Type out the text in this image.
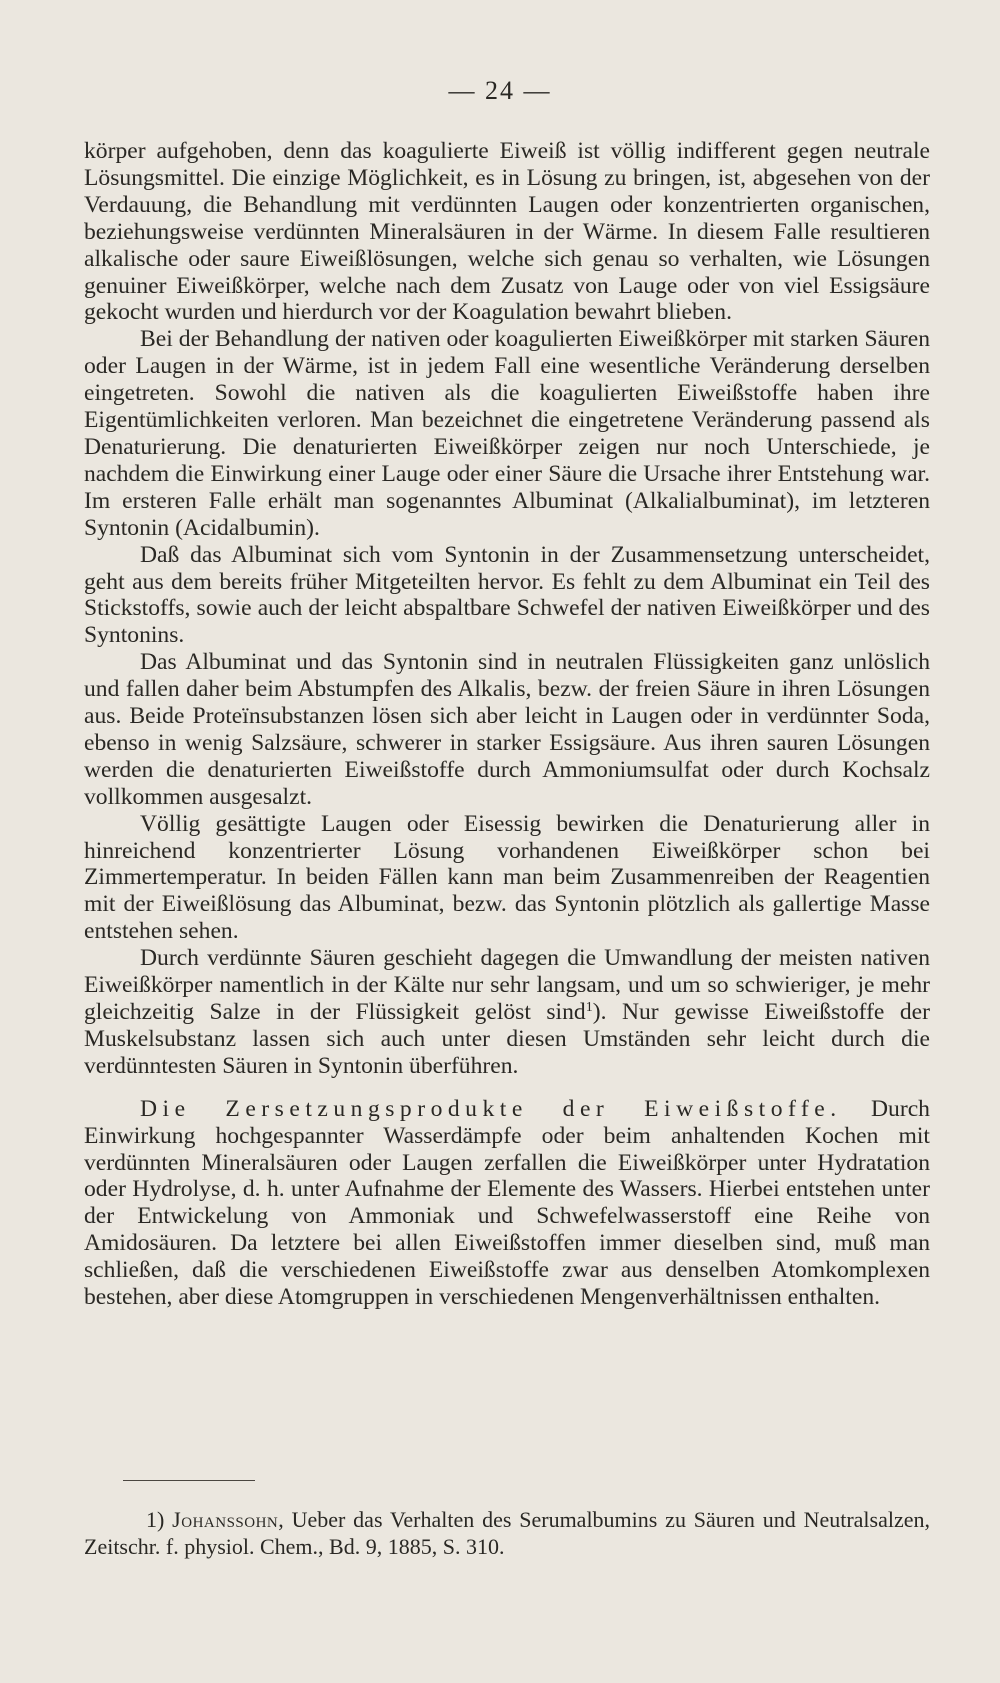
— 24 —

körper aufgehoben, denn das koagulierte Eiweiß ist völlig indifferent gegen neutrale Lösungsmittel. Die einzige Möglichkeit, es in Lösung zu bringen, ist, abgesehen von der Verdauung, die Behandlung mit verdünnten Laugen oder konzentrierten organischen, beziehungsweise verdünnten Mineralsäuren in der Wärme. In diesem Falle resultieren alkalische oder saure Eiweißlösungen, welche sich genau so verhalten, wie Lösungen genuiner Eiweißkörper, welche nach dem Zusatz von Lauge oder von viel Essigsäure gekocht wurden und hierdurch vor der Koagulation bewahrt blieben.

Bei der Behandlung der nativen oder koagulierten Eiweißkörper mit starken Säuren oder Laugen in der Wärme, ist in jedem Fall eine wesentliche Veränderung derselben eingetreten. Sowohl die nativen als die koagulierten Eiweißstoffe haben ihre Eigentümlichkeiten verloren. Man bezeichnet die eingetretene Veränderung passend als Denaturierung. Die denaturierten Eiweißkörper zeigen nur noch Unterschiede, je nachdem die Einwirkung einer Lauge oder einer Säure die Ursache ihrer Entstehung war. Im ersteren Falle erhält man sogenanntes Albuminat (Alkalialbuminat), im letzteren Syntonin (Acidalbumin).

Daß das Albuminat sich vom Syntonin in der Zusammensetzung unterscheidet, geht aus dem bereits früher Mitgeteilten hervor. Es fehlt zu dem Albuminat ein Teil des Stickstoffs, sowie auch der leicht abspaltbare Schwefel der nativen Eiweißkörper und des Syntonins.

Das Albuminat und das Syntonin sind in neutralen Flüssigkeiten ganz unlöslich und fallen daher beim Abstumpfen des Alkalis, bezw. der freien Säure in ihren Lösungen aus. Beide Proteïnsubstanzen lösen sich aber leicht in Laugen oder in verdünnter Soda, ebenso in wenig Salzsäure, schwerer in starker Essigsäure. Aus ihren sauren Lösungen werden die denaturierten Eiweißstoffe durch Ammoniumsulfat oder durch Kochsalz vollkommen ausgesalzt.

Völlig gesättigte Laugen oder Eisessig bewirken die Denaturierung aller in hinreichend konzentrierter Lösung vorhandenen Eiweißkörper schon bei Zimmertemperatur. In beiden Fällen kann man beim Zusammenreiben der Reagentien mit der Eiweißlösung das Albuminat, bezw. das Syntonin plötzlich als gallertige Masse entstehen sehen.

Durch verdünnte Säuren geschieht dagegen die Umwandlung der meisten nativen Eiweißkörper namentlich in der Kälte nur sehr langsam, und um so schwieriger, je mehr gleichzeitig Salze in der Flüssigkeit gelöst sind$^1$). Nur gewisse Eiweißstoffe der Muskelsubstanz lassen sich auch unter diesen Umständen sehr leicht durch die verdünntesten Säuren in Syntonin überführen.

Die Zersetzungsprodukte der Eiweißstoffe. Durch Einwirkung hochgespannter Wasserdämpfe oder beim anhaltenden Kochen mit verdünnten Mineralsäuren oder Laugen zerfallen die Eiweißkörper unter Hydratation oder Hydrolyse, d. h. unter Aufnahme der Elemente des Wassers. Hierbei entstehen unter der Entwickelung von Ammoniak und Schwefelwasserstoff eine Reihe von Amidosäuren. Da letztere bei allen Eiweißstoffen immer dieselben sind, muß man schließen, daß die verschiedenen Eiweißstoffe zwar aus denselben Atomkomplexen bestehen, aber diese Atomgruppen in verschiedenen Mengenverhältnissen enthalten.

1) Johanssohn, Ueber das Verhalten des Serumalbumins zu Säuren und Neutralsalzen, Zeitschr. f. physiol. Chem., Bd. 9, 1885, S. 310.
